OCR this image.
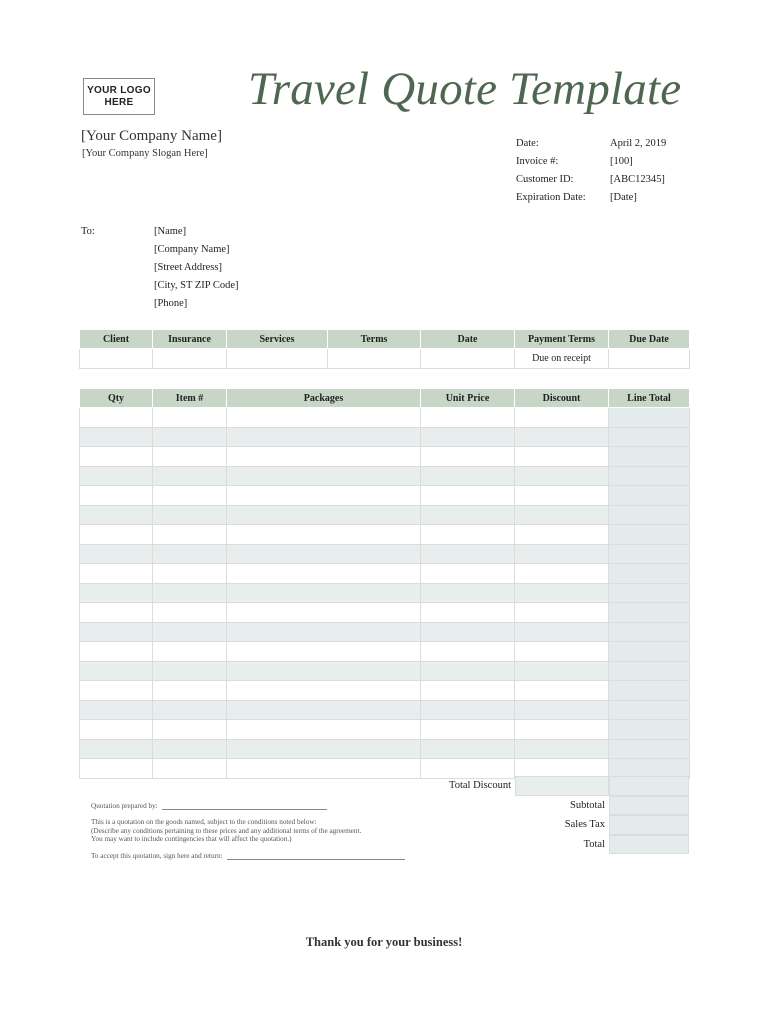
YOUR LOGO
HERE	Travel Quote Template
[Your Company Name]
[Your Company Slogan Here]
Date:	April 2, 2019
Invoice #:	[100]
Customer ID:	[ABC12345]
Expiration Date:	[Date]
To:	[Name]
[Company Name]
[Street Address]
[City, ST ZIP Code]
[Phone]
Client	Insurance	Services	Terms	Date	Payment Terms	Due Date
					Due on receipt	
Qty	Item #	Packages	Unit Price	Discount	Line Total

Total Discount
Subtotal
Sales Tax
Total
Quotation prepared by:
This is a quotation on the goods named, subject to the conditions noted below:
(Describe any conditions pertaining to these prices and any additional terms of the agreement.
You may want to include contingencies that will affect the quotation.)
To accept this quotation, sign here and return:
Thank you for your business!
